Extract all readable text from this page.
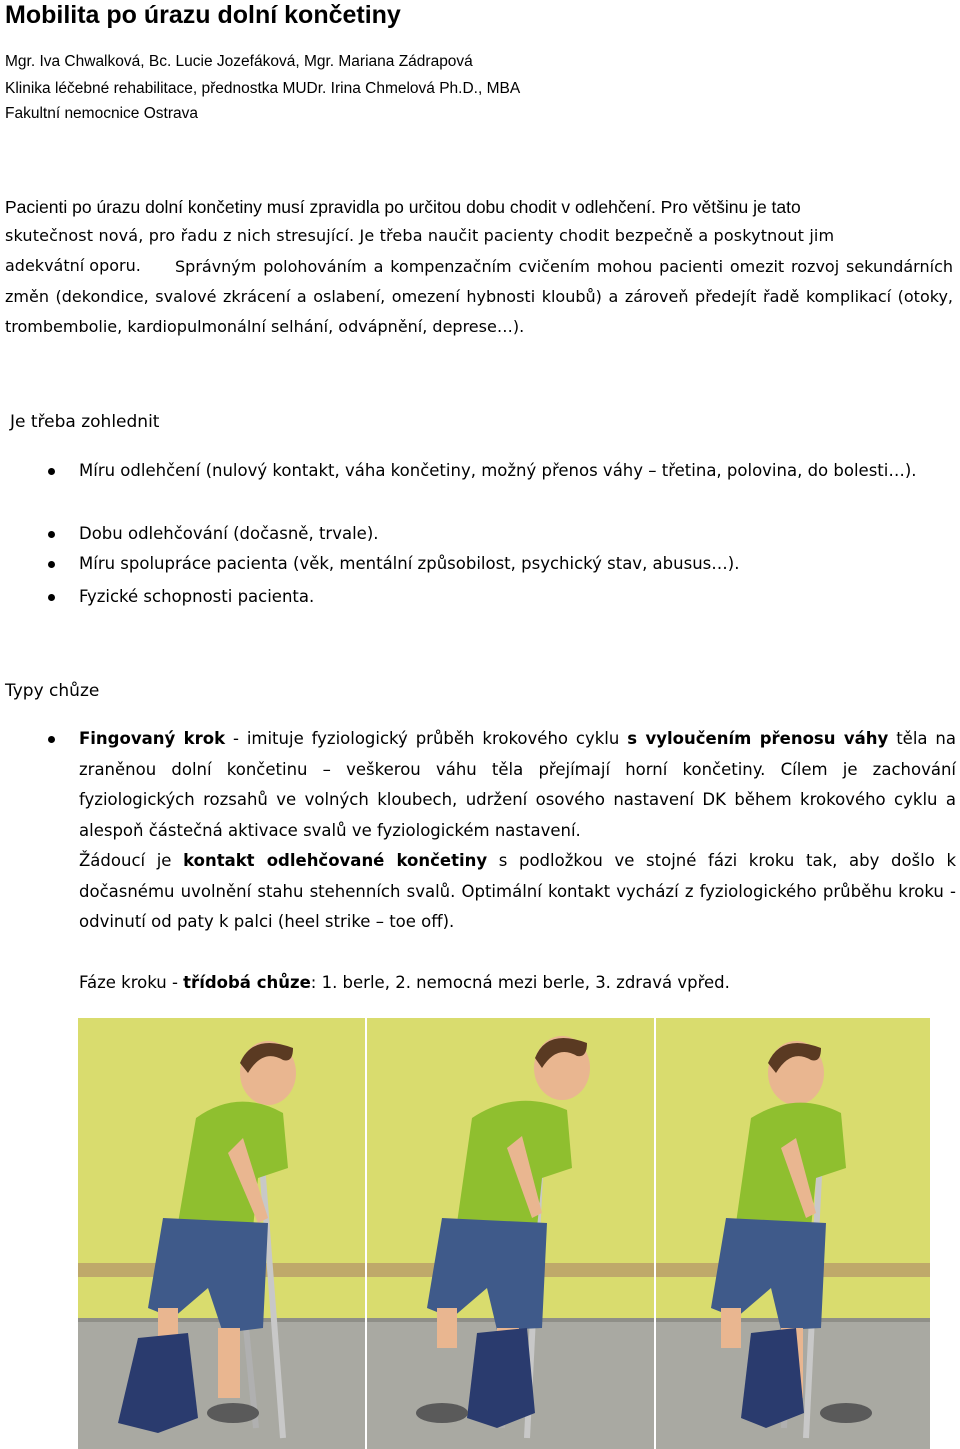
Mobilita po úrazu dolní končetiny
Mgr. Iva Chwalková, Bc. Lucie Jozefáková, Mgr. Mariana Zádrapová
Klinika léčebné rehabilitace, přednostka MUDr. Irina Chmelová Ph.D., MBA
Fakultní nemocnice Ostrava
Pacienti po úrazu dolní končetiny musí zpravidla po určitou dobu chodit v odlehčení. Pro většinu je tato
skutečnost nová, pro řadu z nich stresující. Je třeba naučit pacienty chodit bezpečně a poskytnout jim
adekvátní oporu.	Správným polohováním a kompenzačním cvičením mohou pacienti omezit rozvoj sekundárních změn (dekondice, svalové zkrácení a oslabení, omezení hybnosti kloubů) a zároveň předejít řadě komplikací (otoky, trombembolie, kardiopulmonální selhání, odvápnění, deprese…).
Je třeba zohlednit
Míru odlehčení (nulový kontakt, váha končetiny, možný přenos váhy – třetina, polovina, do bolesti…).
Dobu odlehčování (dočasně, trvale).
Míru spolupráce pacienta (věk, mentální způsobilost, psychický stav, abusus…).
Fyzické schopnosti pacienta.
Typy chůze
Fingovaný krok - imituje fyziologický průběh krokového cyklu s vyloučením přenosu váhy těla na zraněnou dolní končetinu – veškerou váhu těla přejímají horní končetiny. Cílem je zachování fyziologických rozsahů ve volných kloubech, udržení osového nastavení DK během krokového cyklu a alespoň částečná aktivace svalů ve fyziologickém nastavení.
Žádoucí je kontakt odlehčované končetiny s podložkou ve stojné fázi kroku tak, aby došlo k dočasnému uvolnění stahu stehenních svalů. Optimální kontakt vychází z fyziologického průběhu kroku - odvinutí od paty k palci (heel strike – toe off).
Fáze kroku - třídobá chůze: 1. berle, 2. nemocná mezi berle, 3. zdravá vpřed.
